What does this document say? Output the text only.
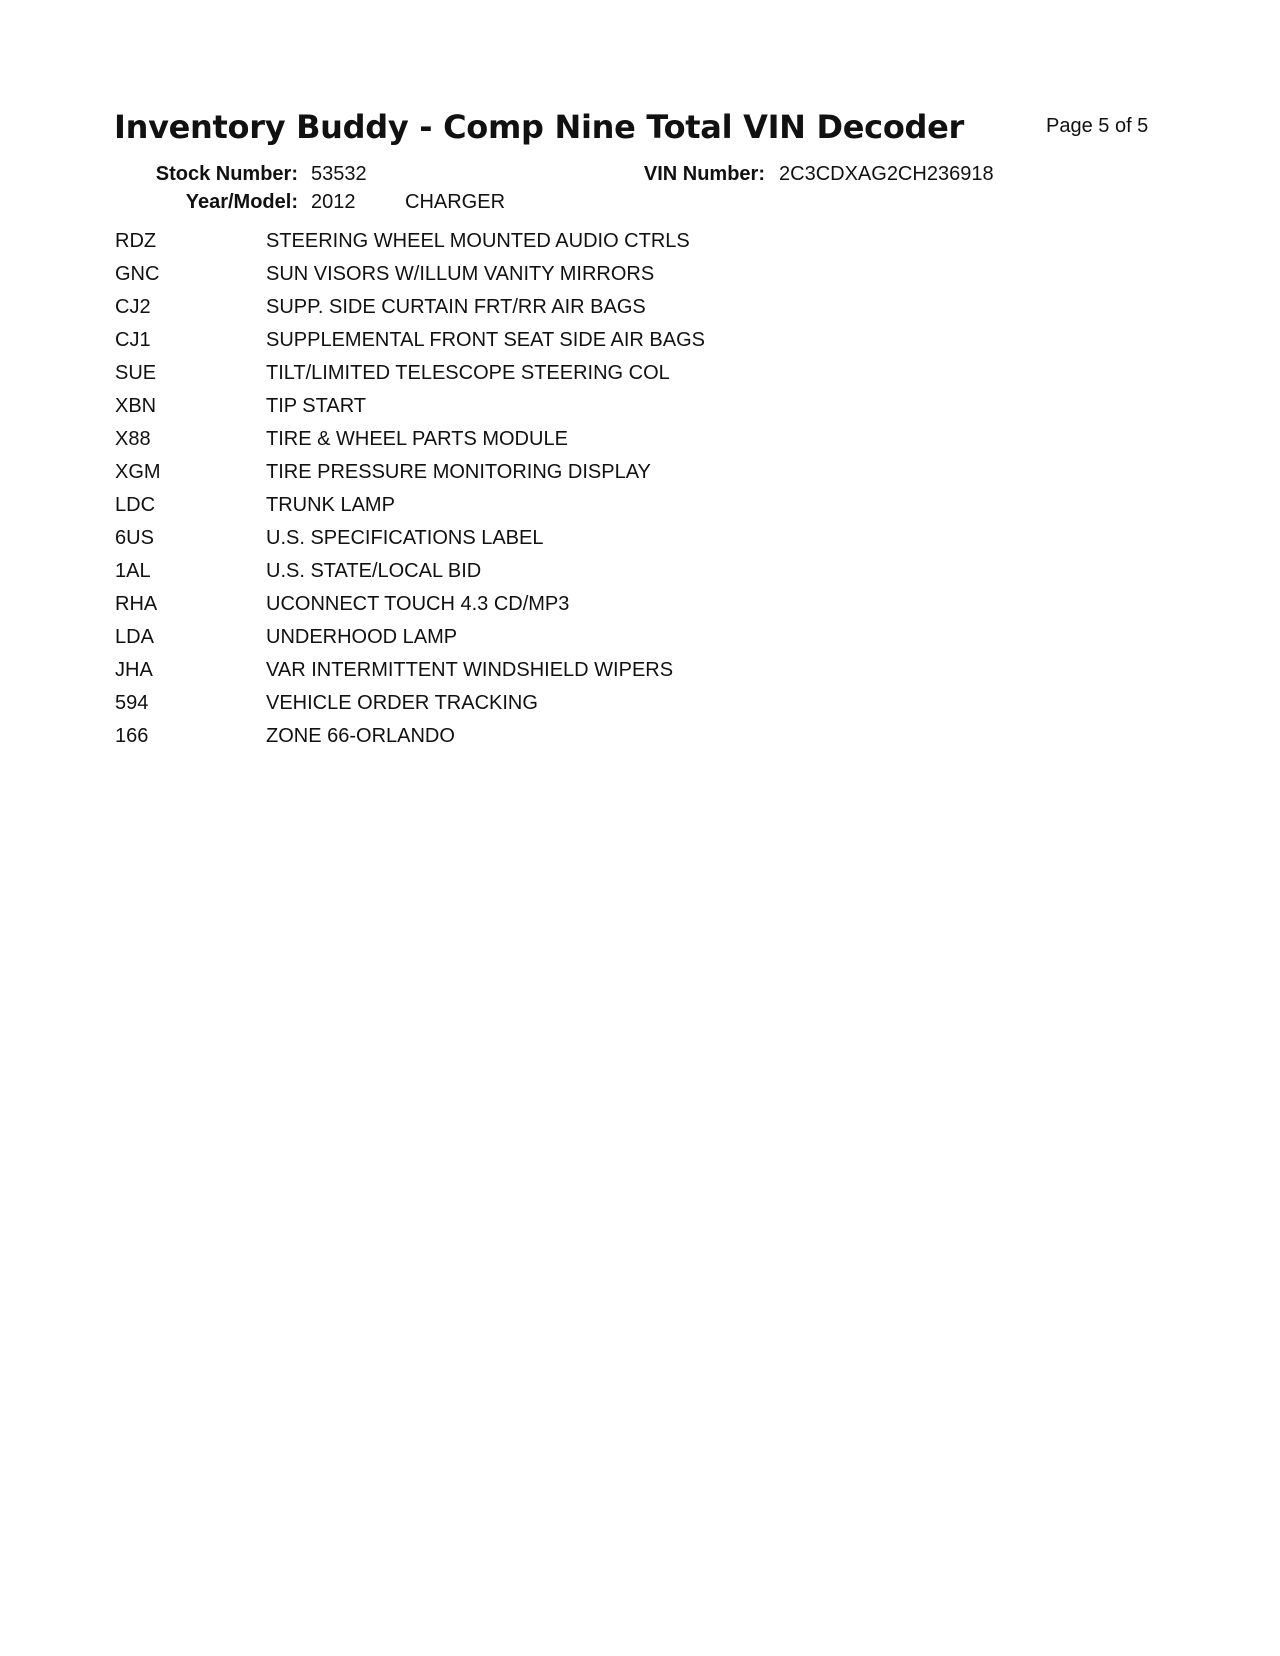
Inventory Buddy - Comp Nine Total VIN Decoder	Page 5 of 5
Stock Number: 53532	VIN Number: 2C3CDXAG2CH236918
Year/Model: 2012 CHARGER
RDZ	STEERING WHEEL MOUNTED AUDIO CTRLS
GNC	SUN VISORS W/ILLUM VANITY MIRRORS
CJ2	SUPP. SIDE CURTAIN FRT/RR AIR BAGS
CJ1	SUPPLEMENTAL FRONT SEAT SIDE AIR BAGS
SUE	TILT/LIMITED TELESCOPE STEERING COL
XBN	TIP START
X88	TIRE & WHEEL PARTS MODULE
XGM	TIRE PRESSURE MONITORING DISPLAY
LDC	TRUNK LAMP
6US	U.S. SPECIFICATIONS LABEL
1AL	U.S. STATE/LOCAL BID
RHA	UCONNECT TOUCH 4.3 CD/MP3
LDA	UNDERHOOD LAMP
JHA	VAR INTERMITTENT WINDSHIELD WIPERS
594	VEHICLE ORDER TRACKING
166	ZONE 66-ORLANDO
